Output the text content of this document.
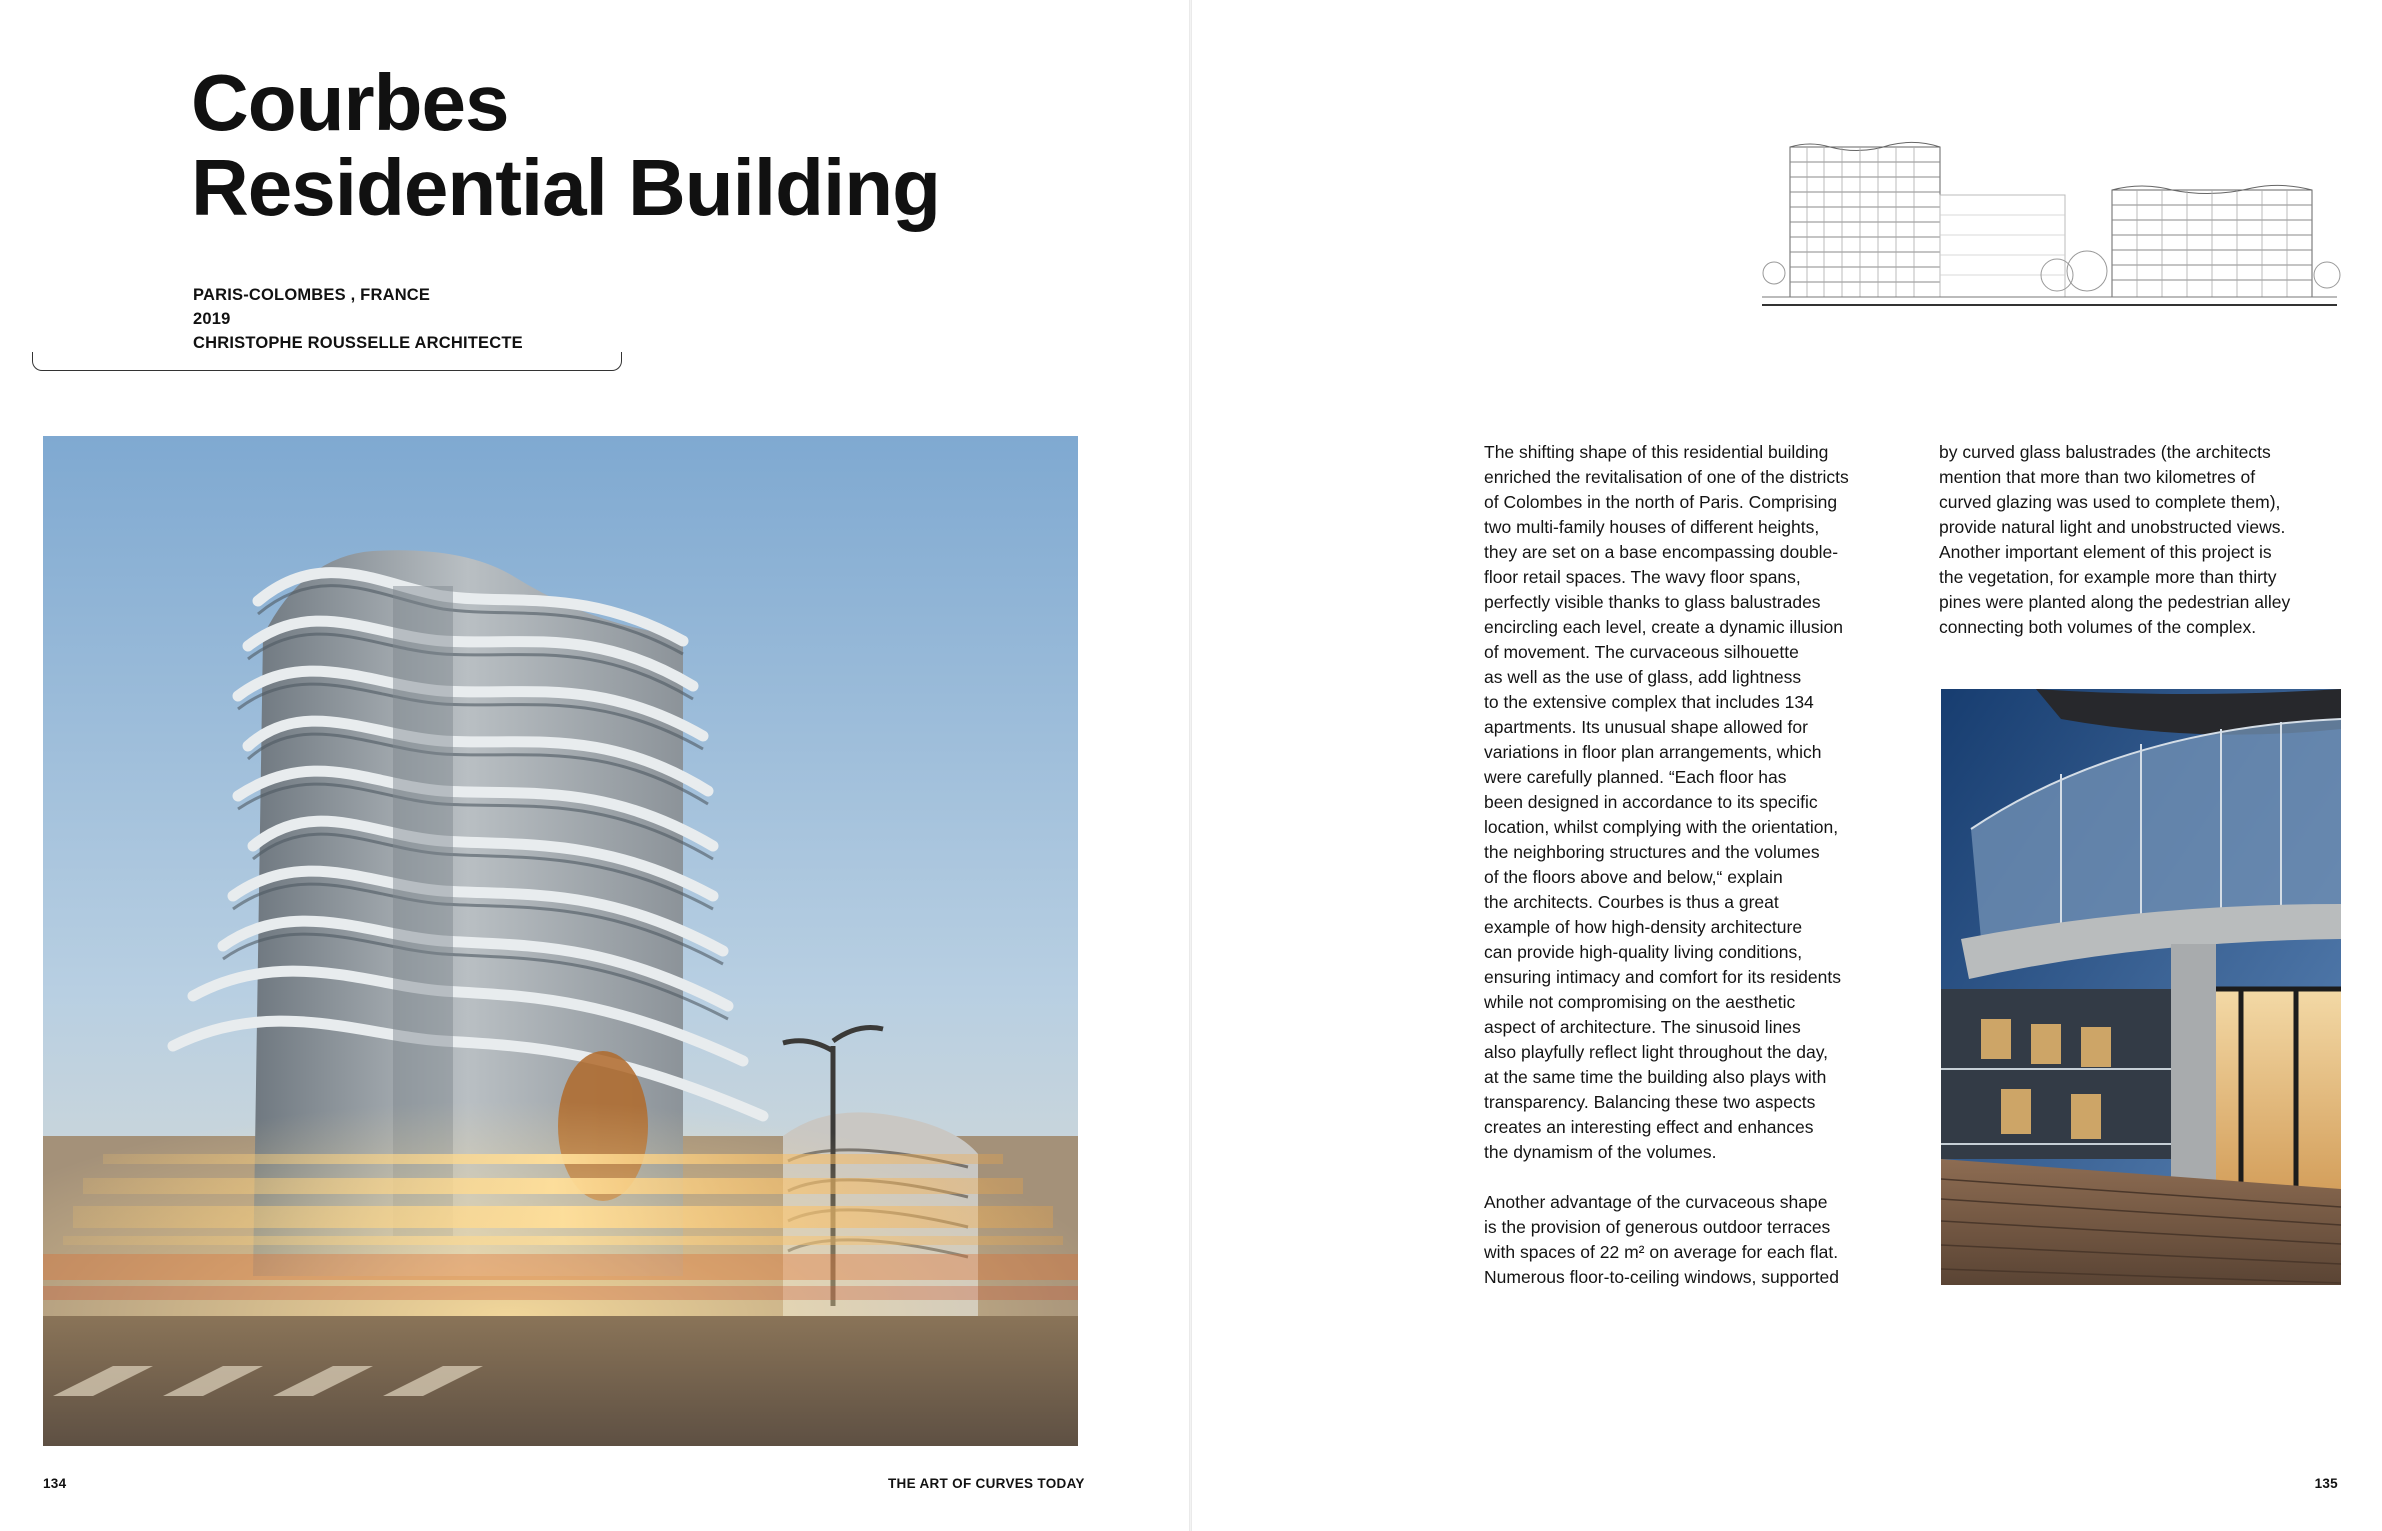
Courbes
Residential Building
PARIS-COLOMBES , FRANCE
2019
CHRISTOPHE ROUSSELLE ARCHITECTE
134	THE ART OF CURVES TODAY

The shifting shape of this residential building
enriched the revitalisation of one of the districts
of Colombes in the north of Paris. Comprising
two multi-family houses of different heights,
they are set on a base encompassing double-
floor retail spaces. The wavy floor spans,
perfectly visible thanks to glass balustrades
encircling each level, create a dynamic illusion
of movement. The curvaceous silhouette
as well as the use of glass, add lightness
to the extensive complex that includes 134
apartments. Its unusual shape allowed for
variations in floor plan arrangements, which
were carefully planned. “Each floor has
been designed in accordance to its specific
location, whilst complying with the orientation,
the neighboring structures and the volumes
of the floors above and below,“ explain
the architects. Courbes is thus a great
example of how high-density architecture
can provide high-quality living conditions,
ensuring intimacy and comfort for its residents
while not compromising on the aesthetic
aspect of architecture. The sinusoid lines
also playfully reflect light throughout the day,
at the same time the building also plays with
transparency. Balancing these two aspects
creates an interesting effect and enhances
the dynamism of the volumes.

Another advantage of the curvaceous shape
is the provision of generous outdoor terraces
with spaces of 22 m² on average for each flat.
Numerous floor-to-ceiling windows, supported

by curved glass balustrades (the architects
mention that more than two kilometres of
curved glazing was used to complete them),
provide natural light and unobstructed views.
Another important element of this project is
the vegetation, for example more than thirty
pines were planted along the pedestrian alley
connecting both volumes of the complex.

135
